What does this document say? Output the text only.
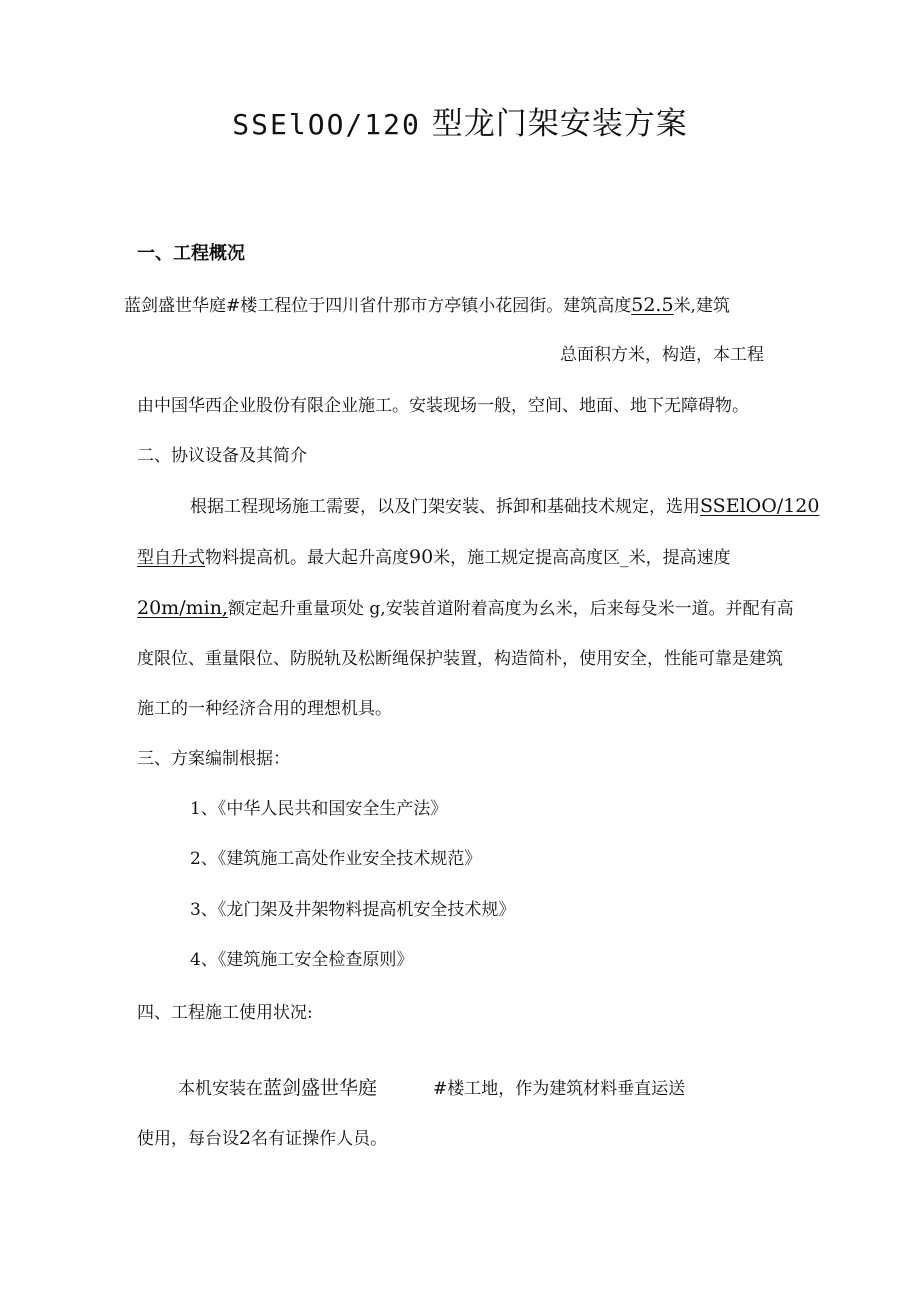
SSElOO/120 型龙门架安装方案
一、工程概况
蓝剑盛世华庭#楼工程位于四川省什那市方亭镇小花园街。建筑高度52.5米,建筑
总面积方米，构造，本工程
由中国华西企业股份有限企业施工。安装现场一般，空间、地面、地下无障碍物。
二、协议设备及其简介
根据工程现场施工需要，以及门架安装、拆卸和基础技术规定，选用SSElOO/120
型自升式物料提高机。最大起升高度90米，施工规定提高高度区_米，提高速度
20m∕min,额定起升重量项处 g,安装首道附着高度为幺米，后来每殳米一道。并配有高
度限位、重量限位、防脱轨及松断绳保护装置，构造简朴，使用安全，性能可靠是建筑
施工的一种经济合用的理想机具。
三、方案编制根据：
1、《中华人民共和国安全生产法》
2、《建筑施工高处作业安全技术规范》
3、《龙门架及井架物料提高机安全技术规》
4、《建筑施工安全检查原则》
四、工程施工使用状况:
本机安装在蓝剑盛世华庭	#楼工地，作为建筑材料垂直运送
使用，每台设2名有证操作人员。
